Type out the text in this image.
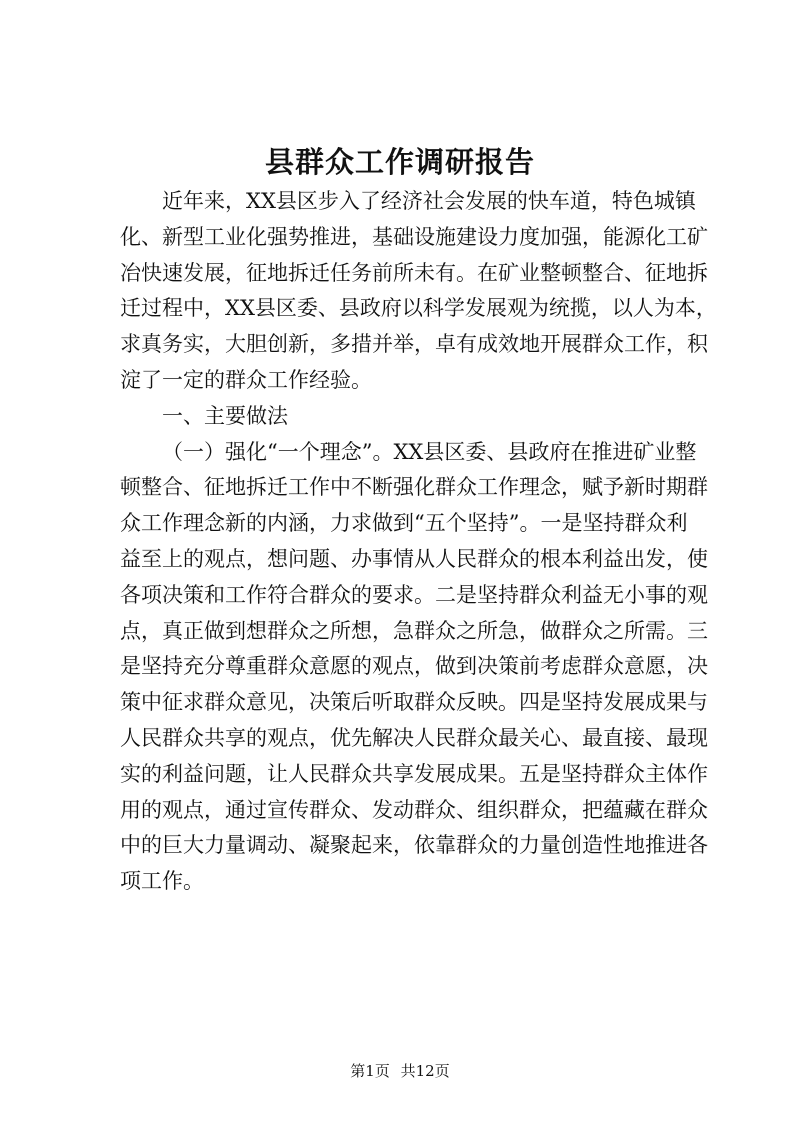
县群众工作调研报告
近年来，XX县区步入了经济社会发展的快车道，特色城镇
化、新型工业化强势推进，基础设施建设力度加强，能源化工矿
冶快速发展，征地拆迁任务前所未有。在矿业整顿整合、征地拆
迁过程中，XX县区委、县政府以科学发展观为统揽，以人为本，
求真务实，大胆创新，多措并举，卓有成效地开展群众工作，积
淀了一定的群众工作经验。
一、主要做法
（一）强化“一个理念”。XX县区委、县政府在推进矿业整
顿整合、征地拆迁工作中不断强化群众工作理念，赋予新时期群
众工作理念新的内涵，力求做到“五个坚持”。一是坚持群众利
益至上的观点，想问题、办事情从人民群众的根本利益出发，使
各项决策和工作符合群众的要求。二是坚持群众利益无小事的观
点，真正做到想群众之所想，急群众之所急，做群众之所需。三
是坚持充分尊重群众意愿的观点，做到决策前考虑群众意愿，决
策中征求群众意见，决策后听取群众反映。四是坚持发展成果与
人民群众共享的观点，优先解决人民群众最关心、最直接、最现
实的利益问题，让人民群众共享发展成果。五是坚持群众主体作
用的观点，通过宣传群众、发动群众、组织群众，把蕴藏在群众
中的巨大力量调动、凝聚起来，依靠群众的力量创造性地推进各
项工作。
第1页 共12页
